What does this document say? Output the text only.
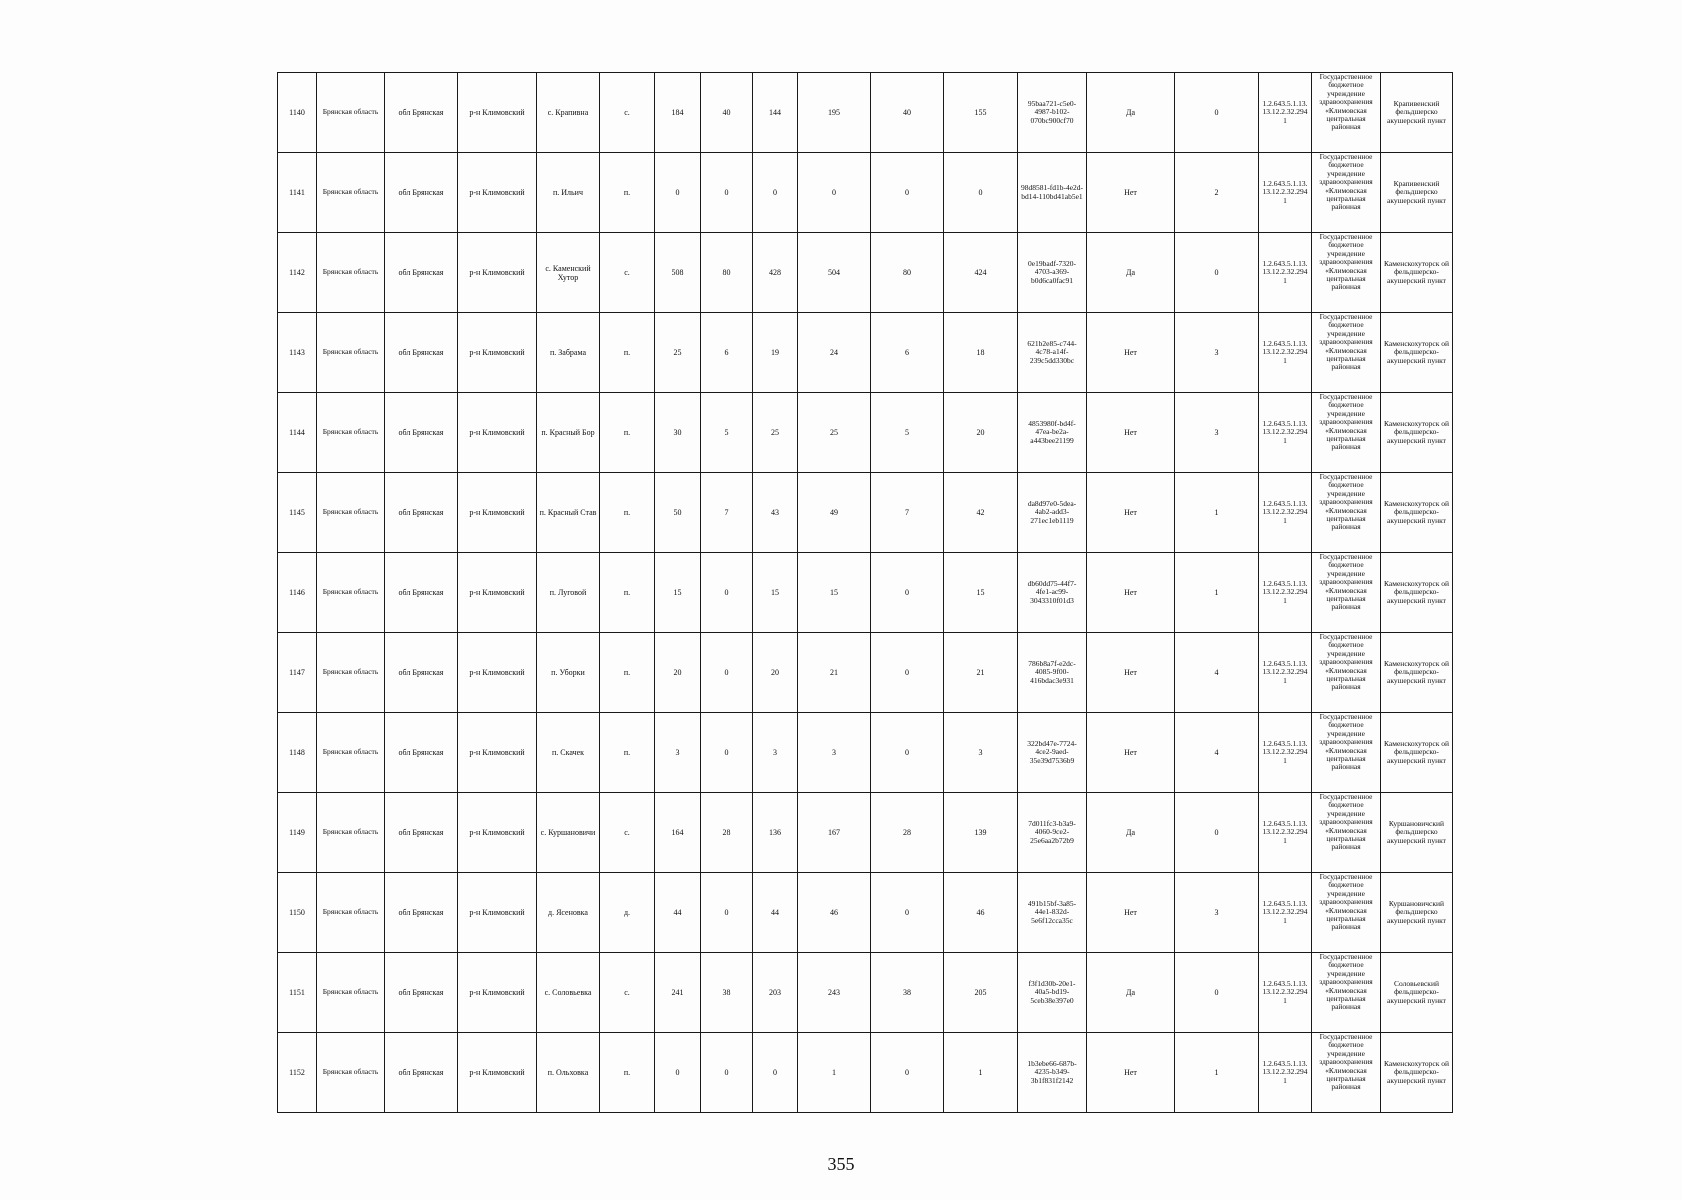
1140	Брянская область	обл Брянская	р-н Климовский	с. Крапивна	с.	184	40	144	195	40	155	95baa721-c5e0-4987-b102-070bc900cf70	Да	0	1.2.643.5.1.13.13.12.2.32.2941	Государственное бюджетное учреждение здравоохранения «Климовская центральная районная	Крапивенский фельдшерско акушерский пункт
1141	Брянская область	обл Брянская	р-н Климовский	п. Ильич	п.	0	0	0	0	0	0	98d8581-fd1b-4e2d-bd14-110bd41ab5e1	Нет	2	1.2.643.5.1.13.13.12.2.32.2941	Государственное бюджетное учреждение здравоохранения «Климовская центральная районная	Крапивенский фельдшерско акушерский пункт
1142	Брянская область	обл Брянская	р-н Климовский	с. Каменский Хутор	с.	508	80	428	504	80	424	0e19badf-7320-4703-a369-b0d6ca0fac91	Да	0	1.2.643.5.1.13.13.12.2.32.2941	Государственное бюджетное учреждение здравоохранения «Климовская центральная районная	Каменскохуторск ой фельдшерско-акушерский пункт
1143	Брянская область	обл Брянская	р-н Климовский	п. Забрама	п.	25	6	19	24	6	18	621b2e85-c744-4c78-a14f-239c5dd330bc	Нет	3	1.2.643.5.1.13.13.12.2.32.2941	Государственное бюджетное учреждение здравоохранения «Климовская центральная районная	Каменскохуторск ой фельдшерско-акушерский пункт
1144	Брянская область	обл Брянская	р-н Климовский	п. Красный Бор	п.	30	5	25	25	5	20	4853980f-bd4f-47ea-be2a-a443bee21199	Нет	3	1.2.643.5.1.13.13.12.2.32.2941	Государственное бюджетное учреждение здравоохранения «Климовская центральная районная	Каменскохуторск ой фельдшерско-акушерский пункт
1145	Брянская область	обл Брянская	р-н Климовский	п. Красный Став	п.	50	7	43	49	7	42	da8d97e0-5dea-4ab2-add3-271ec1eb1119	Нет	1	1.2.643.5.1.13.13.12.2.32.2941	Государственное бюджетное учреждение здравоохранения «Климовская центральная районная	Каменскохуторск ой фельдшерско-акушерский пункт
1146	Брянская область	обл Брянская	р-н Климовский	п. Луговой	п.	15	0	15	15	0	15	db60dd75-44f7-4fe1-ac99-3043310f01d3	Нет	1	1.2.643.5.1.13.13.12.2.32.2941	Государственное бюджетное учреждение здравоохранения «Климовская центральная районная	Каменскохуторск ой фельдшерско-акушерский пункт
1147	Брянская область	обл Брянская	р-н Климовский	п. Уборки	п.	20	0	20	21	0	21	786b8a7f-e2dc-4085-9f00-416bdac3e931	Нет	4	1.2.643.5.1.13.13.12.2.32.2941	Государственное бюджетное учреждение здравоохранения «Климовская центральная районная	Каменскохуторск ой фельдшерско-акушерский пункт
1148	Брянская область	обл Брянская	р-н Климовский	п. Скачек	п.	3	0	3	3	0	3	322bd47e-7724-4ce2-9aed-35e39d7536b9	Нет	4	1.2.643.5.1.13.13.12.2.32.2941	Государственное бюджетное учреждение здравоохранения «Климовская центральная районная	Каменскохуторск ой фельдшерско-акушерский пункт
1149	Брянская область	обл Брянская	р-н Климовский	с. Куршановичи	с.	164	28	136	167	28	139	7d011fc3-b3a9-4060-9ce2-25e6aa2b72b9	Да	0	1.2.643.5.1.13.13.12.2.32.2941	Государственное бюджетное учреждение здравоохранения «Климовская центральная районная	Куршановичский фельдшерско акушерский пункт
1150	Брянская область	обл Брянская	р-н Климовский	д. Ясеновка	д.	44	0	44	46	0	46	491b15bf-3a85-44e1-832d-5e6f12cca35c	Нет	3	1.2.643.5.1.13.13.12.2.32.2941	Государственное бюджетное учреждение здравоохранения «Климовская центральная районная	Куршановичский фельдшерско акушерский пункт
1151	Брянская область	обл Брянская	р-н Климовский	с. Соловьевка	с.	241	38	203	243	38	205	f3f1d30b-20e1-40a5-bd19-5ceb38e397e0	Да	0	1.2.643.5.1.13.13.12.2.32.2941	Государственное бюджетное учреждение здравоохранения «Климовская центральная районная	Соловьевский фельдшерско-акушерский пункт
1152	Брянская область	обл Брянская	р-н Климовский	п. Ольховка	п.	0	0	0	1	0	1	1b3ebe66-687b-4235-b349-3b1f831f2142	Нет	1	1.2.643.5.1.13.13.12.2.32.2941	Государственное бюджетное учреждение здравоохранения «Климовская центральная районная	Каменскохуторск ой фельдшерско-акушерский пункт
355
